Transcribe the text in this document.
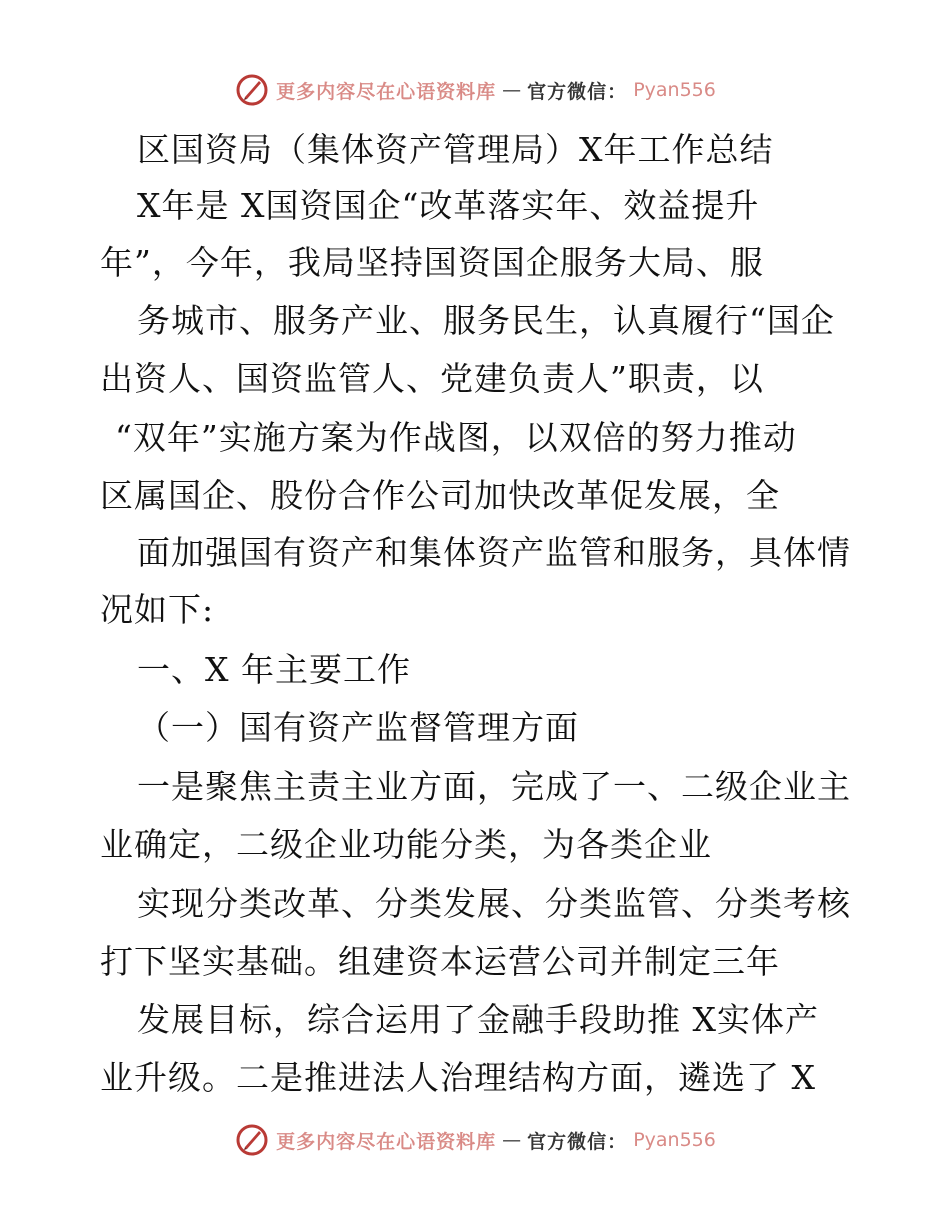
更多内容尽在心语资料库 — 官方微信： Pyan556
区国资局（集体资产管理局）X年工作总结
X年是 X国资国企“改革落实年、效益提升
年”，今年，我局坚持国资国企服务大局、服
务城市、服务产业、服务民生，认真履行“国企
出资人、国资监管人、党建负责人”职责，以
“双年”实施方案为作战图，以双倍的努力推动
区属国企、股份合作公司加快改革促发展，全
面加强国有资产和集体资产监管和服务，具体情
况如下:
一、X 年主要工作
（一）国有资产监督管理方面
一是聚焦主责主业方面，完成了一、二级企业主
业确定，二级企业功能分类，为各类企业
实现分类改革、分类发展、分类监管、分类考核
打下坚实基础。组建资本运营公司并制定三年
发展目标，综合运用了金融手段助推 X实体产
业升级。二是推进法人治理结构方面，遴选了 X
更多内容尽在心语资料库 — 官方微信： Pyan556
